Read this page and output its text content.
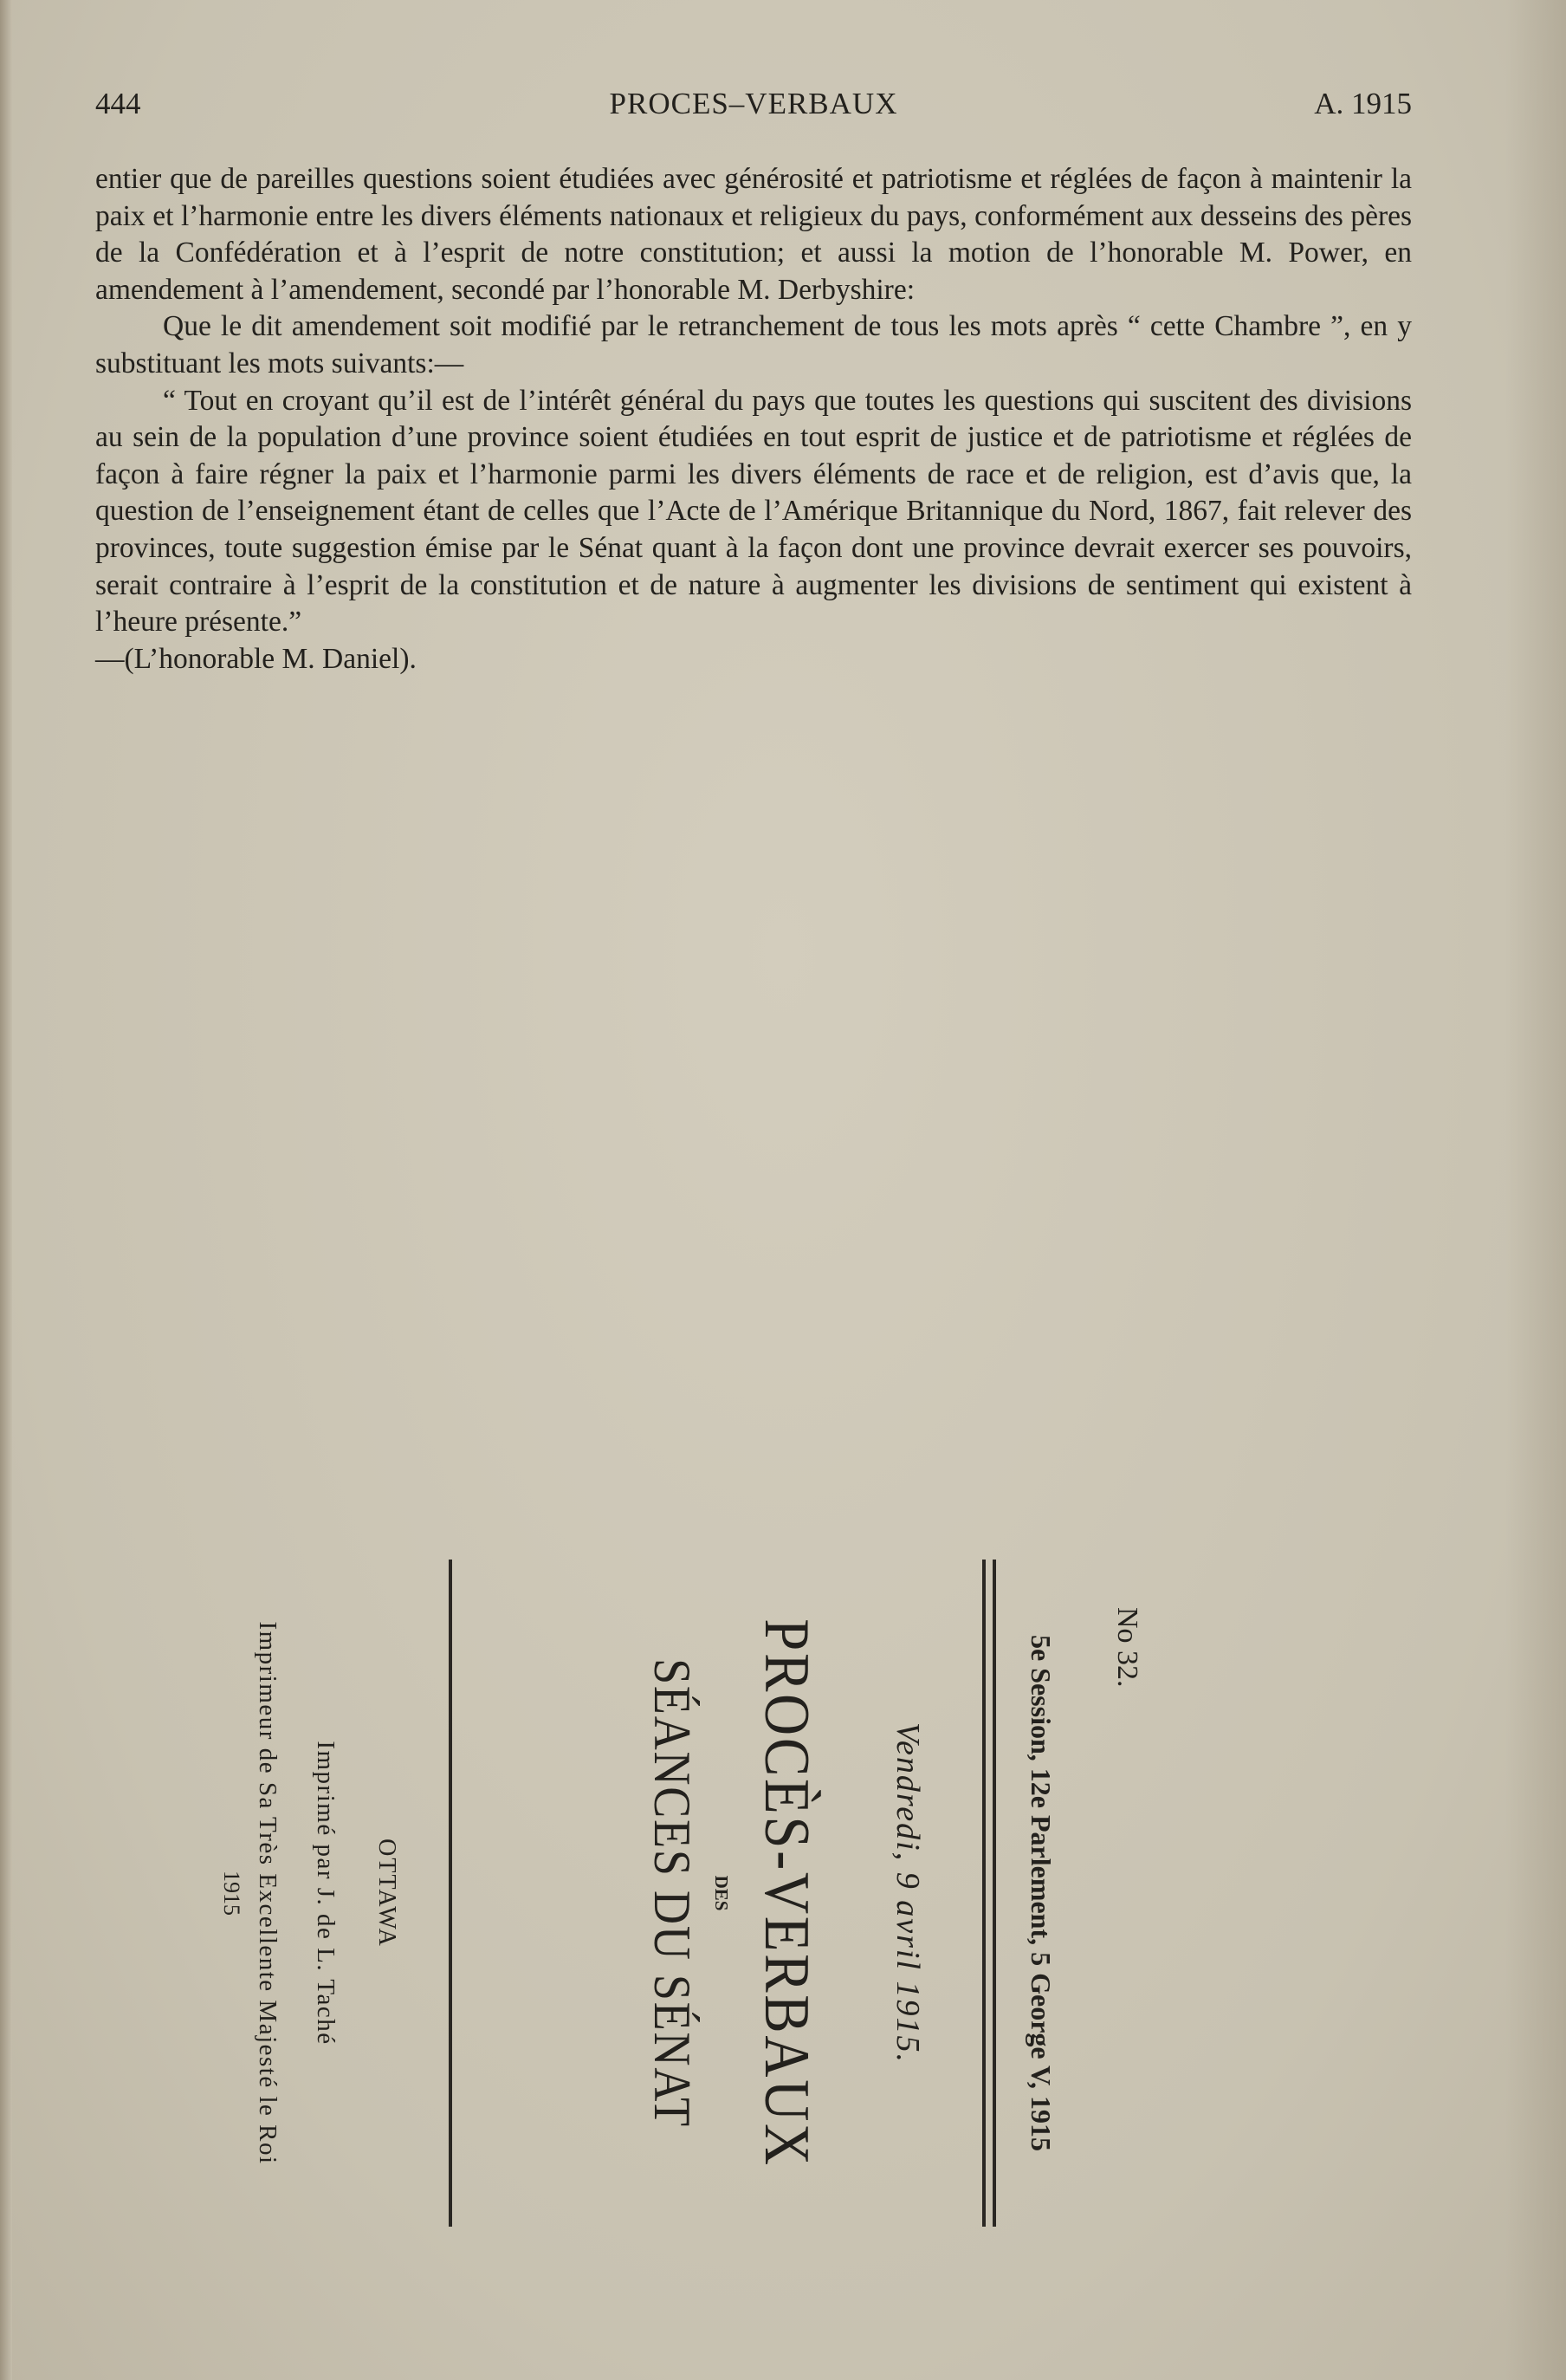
444	PROCES–VERBAUX	A. 1915

entier que de pareilles questions soient étudiées avec générosité et patriotisme et réglées de façon à maintenir la paix et l’harmonie entre les divers éléments nationaux et religieux du pays, conformément aux desseins des pères de la Confédération et à l’esprit de notre constitution; et aussi la motion de l’honorable M. Power, en amendement à l’amendement, secondé par l’honorable M. Derbyshire:

Que le dit amendement soit modifié par le retranchement de tous les mots après “ cette Chambre ”, en y substituant les mots suivants:—

“ Tout en croyant qu’il est de l’intérêt général du pays que toutes les questions qui suscitent des divisions au sein de la population d’une province soient étudiées en tout esprit de justice et de patriotisme et réglées de façon à faire régner la paix et l’harmonie parmi les divers éléments de race et de religion, est d’avis que, la question de l’enseignement étant de celles que l’Acte de l’Amérique Britannique du Nord, 1867, fait relever des provinces, toute suggestion émise par le Sénat quant à la façon dont une province devrait exercer ses pouvoirs, serait contraire à l’esprit de la constitution et de nature à augmenter les divisions de sentiment qui existent à l’heure présente.”

—(L’honorable M. Daniel).

No 32.
5e Session, 12e Parlement, 5 George V, 1915
Vendredi, 9 avril 1915.
PROCÈS-VERBAUX
DES
SÉANCES DU SÉNAT
OTTAWA
Imprimé par J. de L. Taché
Imprimeur de Sa Très Excellente Majesté le Roi
1915
